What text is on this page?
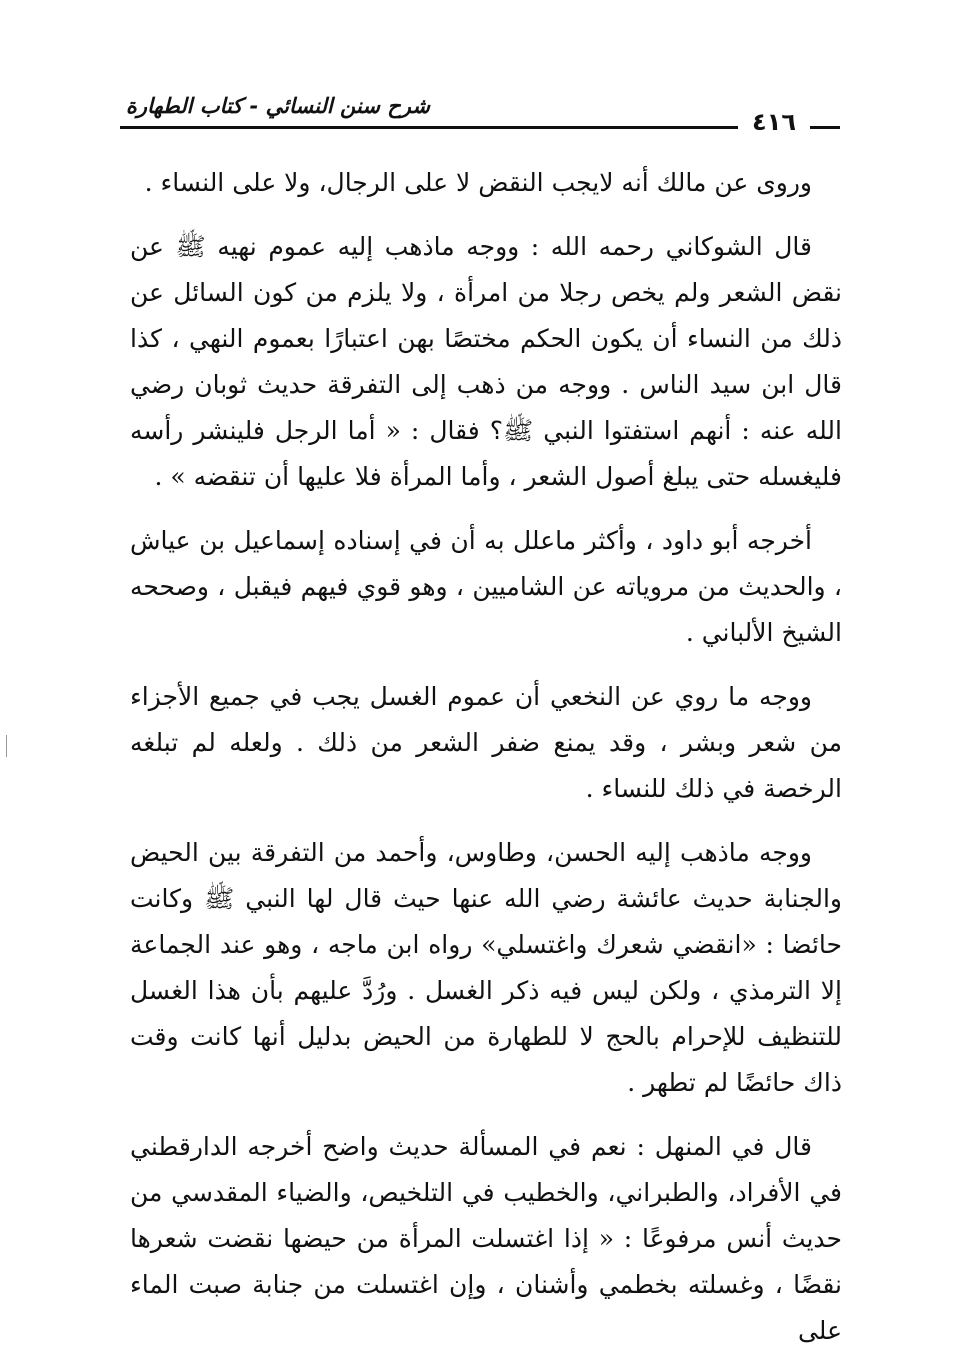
شرح سنن النسائي - كتاب الطهارة
٤١٦

وروى عن مالك أنه لايجب النقض لا على الرجال، ولا على النساء .

قال الشوكاني رحمه الله : ووجه ماذهب إليه عموم نهيه ﷺ عن نقض الشعر ولم يخص رجلا من امرأة ، ولا يلزم من كون السائل عن ذلك من النساء أن يكون الحكم مختصًا بهن اعتبارًا بعموم النهي ، كذا قال ابن سيد الناس . ووجه من ذهب إلى التفرقة حديث ثوبان رضي الله عنه : أنهم استفتوا النبي ﷺ؟ فقال : « أما الرجل فلينشر رأسه فليغسله حتى يبلغ أصول الشعر ، وأما المرأة فلا عليها أن تنقضه » .

أخرجه أبو داود ، وأكثر ماعلل به أن في إسناده إسماعيل بن عياش ، والحديث من مروياته عن الشاميين ، وهو قوي فيهم فيقبل ، وصححه الشيخ الألباني .

ووجه ما روي عن النخعي أن عموم الغسل يجب في جميع الأجزاء من شعر وبشر ، وقد يمنع ضفر الشعر من ذلك . ولعله لم تبلغه الرخصة في ذلك للنساء .

ووجه ماذهب إليه الحسن، وطاوس، وأحمد من التفرقة بين الحيض والجنابة حديث عائشة رضي الله عنها حيث قال لها النبي ﷺ وكانت حائضا : «انقضي شعرك واغتسلي» رواه ابن ماجه ، وهو عند الجماعة إلا الترمذي ، ولكن ليس فيه ذكر الغسل . ورُدَّ عليهم بأن هذا الغسل للتنظيف للإحرام بالحج لا للطهارة من الحيض بدليل أنها كانت وقت ذاك حائضًا لم تطهر .

قال في المنهل : نعم في المسألة حديث واضح أخرجه الدارقطني في الأفراد، والطبراني، والخطيب في التلخيص، والضياء المقدسي من حديث أنس مرفوعًا : « إذا اغتسلت المرأة من حيضها نقضت شعرها نقضًا ، وغسلته بخطمي وأشنان ، وإن اغتسلت من جنابة صبت الماء على
